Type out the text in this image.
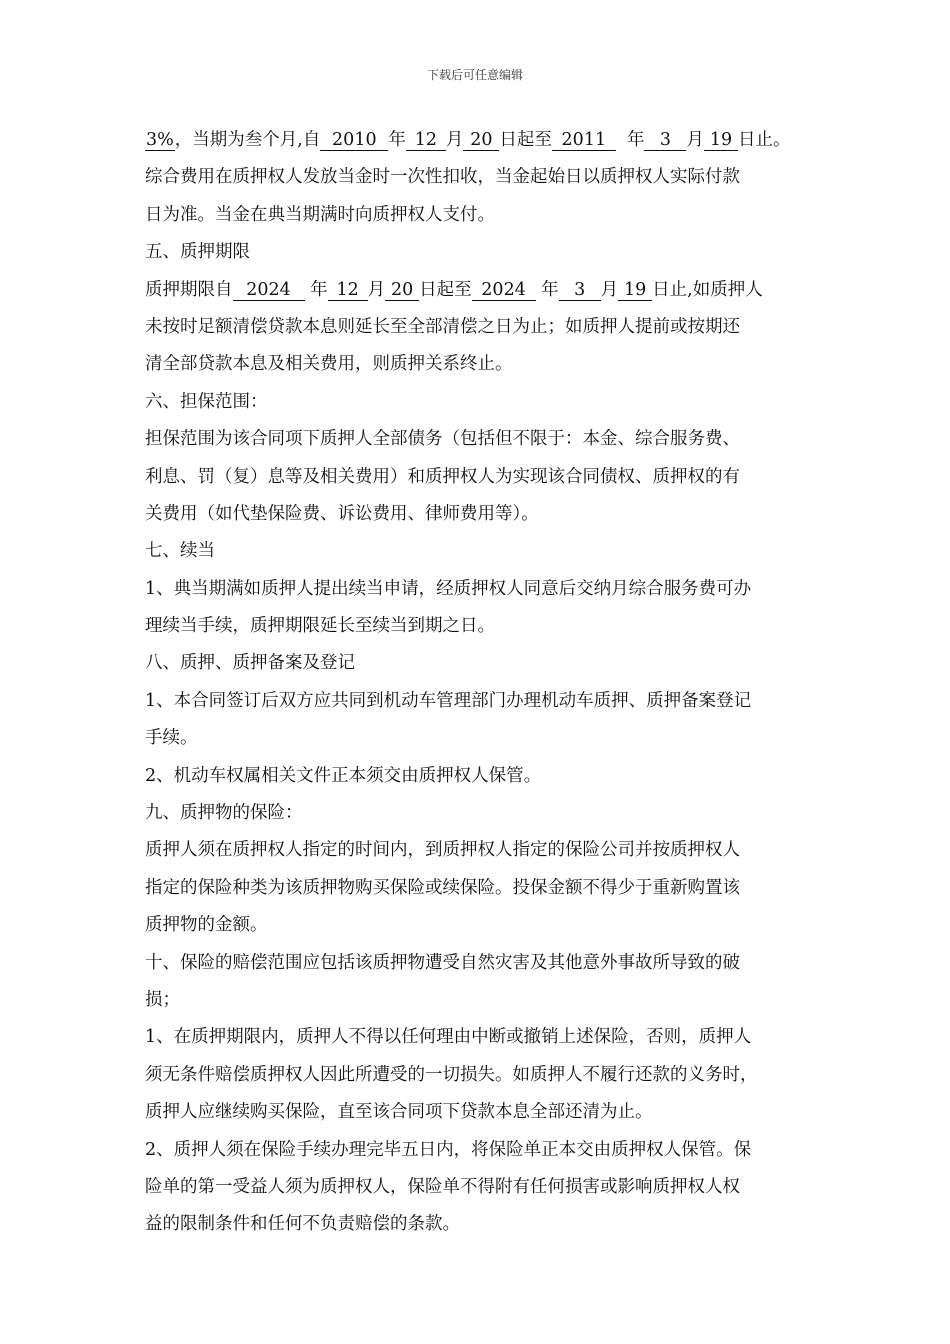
下载后可任意编辑
3%，当期为叁个月,自 2010 年 12 月 20 日起至 2011 年 3 月 19 日止。
综合费用在质押权人发放当金时一次性扣收，当金起始日以质押权人实际付款
日为准。当金在典当期满时向质押权人支付。
五、质押期限
质押期限自 2024 年 12 月 20 日起至 2024 年 3 月 19 日止,如质押人
未按时足额清偿贷款本息则延长至全部清偿之日为止；如质押人提前或按期还
清全部贷款本息及相关费用，则质押关系终止。
六、担保范围：
担保范围为该合同项下质押人全部债务（包括但不限于：本金、综合服务费、
利息、罚（复）息等及相关费用）和质押权人为实现该合同债权、质押权的有
关费用（如代垫保险费、诉讼费用、律师费用等）。
七、续当
1、典当期满如质押人提出续当申请，经质押权人同意后交纳月综合服务费可办
理续当手续，质押期限延长至续当到期之日。
八、质押、质押备案及登记
1、本合同签订后双方应共同到机动车管理部门办理机动车质押、质押备案登记
手续。
2、机动车权属相关文件正本须交由质押权人保管。
九、质押物的保险：
质押人须在质押权人指定的时间内，到质押权人指定的保险公司并按质押权人
指定的保险种类为该质押物购买保险或续保险。投保金额不得少于重新购置该
质押物的金额。
十、保险的赔偿范围应包括该质押物遭受自然灾害及其他意外事故所导致的破
损；
1、在质押期限内，质押人不得以任何理由中断或撤销上述保险，否则，质押人
须无条件赔偿质押权人因此所遭受的一切损失。如质押人不履行还款的义务时，
质押人应继续购买保险，直至该合同项下贷款本息全部还清为止。
2、质押人须在保险手续办理完毕五日内，将保险单正本交由质押权人保管。保
险单的第一受益人须为质押权人，保险单不得附有任何损害或影响质押权人权
益的限制条件和任何不负责赔偿的条款。
